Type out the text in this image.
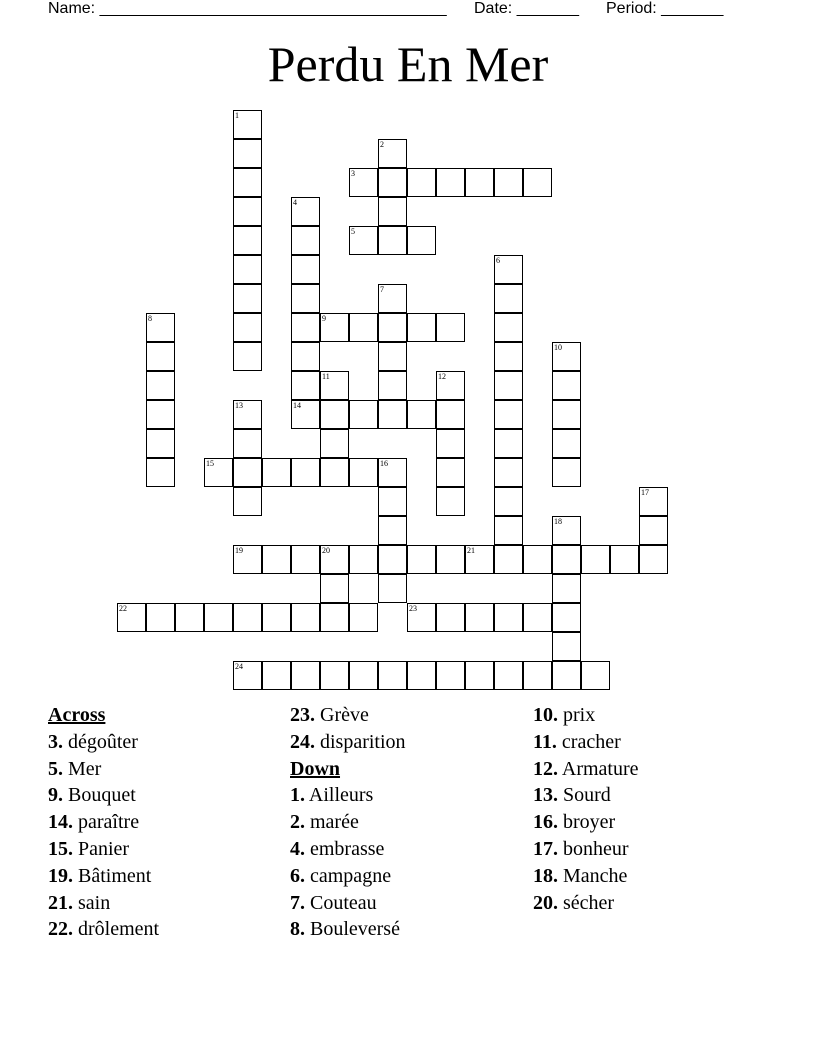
Name: _______________________________________

Date: _______

Period: _______

Perdu En Mer
1
2
3
4
5
6
7
8	9
10
11	12
13	14
15	16
17
18
19	20	21
22	23
24
Across
3. dégoûter
5. Mer
9. Bouquet
14. paraître
15. Panier
19. Bâtiment
21. sain
22. drôlement
23. Grève
24. disparition
Down
1. Ailleurs
2. marée
4. embrasse
6. campagne
7. Couteau
8. Bouleversé
10. prix
11. cracher
12. Armature
13. Sourd
16. broyer
17. bonheur
18. Manche
20. sécher
